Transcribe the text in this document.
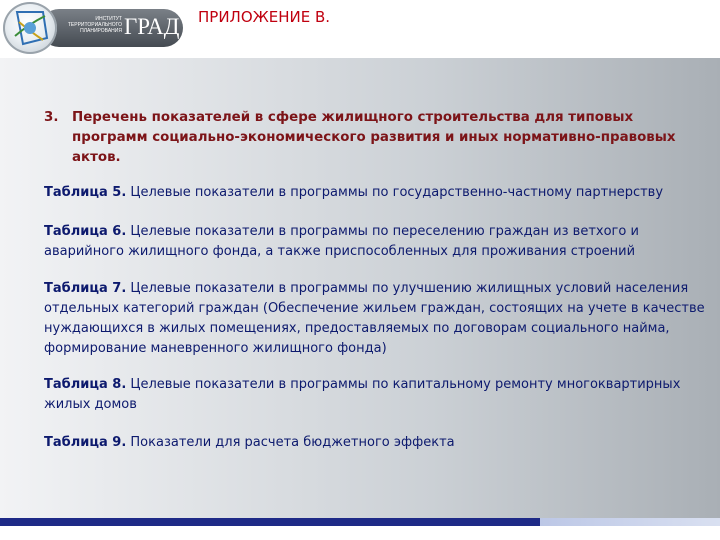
ИНСТИТУТ
ТЕРРИТОРИАЛЬНОГО
ПЛАНИРОВАНИЯ ГРАД ПРИЛОЖЕНИЕ В.
3. Перечень показателей в сфере жилищного строительства для типовых программ социально-экономического развития и иных нормативно-правовых актов.
Таблица 5. Целевые показатели в программы по государственно-частному партнерству
Таблица 6. Целевые показатели в программы по переселению граждан из ветхого и аварийного жилищного фонда, а также приспособленных для проживания строений
Таблица 7. Целевые показатели в программы по улучшению жилищных условий населения отдельных категорий граждан (Обеспечение жильем граждан, состоящих на учете в качестве нуждающихся в жилых помещениях, предоставляемых по договорам социального найма, формирование маневренного жилищного фонда)
Таблица 8. Целевые показатели в программы по капитальному ремонту многоквартирных жилых домов
Таблица 9. Показатели для расчета бюджетного эффекта
